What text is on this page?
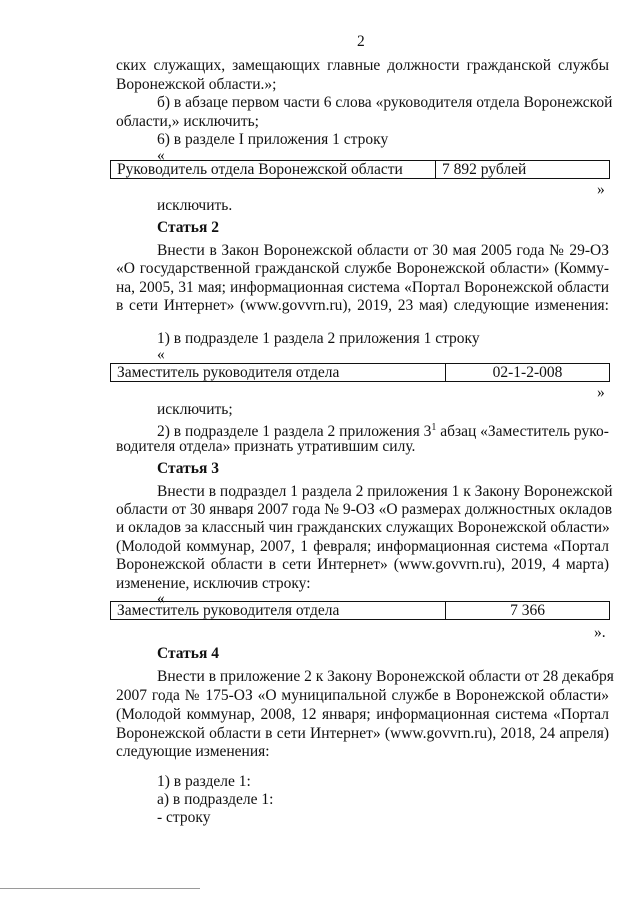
2
ских служащих, замещающих главные должности гражданской службы
Воронежской области.»;
б) в абзаце первом части 6 слова «руководителя отдела Воронежской
области,» исключить;
6) в разделе I приложения 1 строку
«
Руководитель отдела Воронежской области	7 892 рублей
»
исключить.
Статья 2
Внести в Закон Воронежской области от 30 мая 2005 года № 29-ОЗ
«О государственной гражданской службе Воронежской области» (Комму-
на, 2005, 31 мая; информационная система «Портал Воронежской области
в сети Интернет» (www.govvrn.ru), 2019, 23 мая) следующие изменения:
1) в подразделе 1 раздела 2 приложения 1 строку
«
Заместитель руководителя отдела	02-1-2-008
»
исключить;
2) в подразделе 1 раздела 2 приложения $3^1$ абзац «Заместитель руко-
водителя отдела» признать утратившим силу.
Статья 3
Внести в подраздел 1 раздела 2 приложения 1 к Закону Воронежской
области от 30 января 2007 года № 9-ОЗ «О размерах должностных окладов
и окладов за классный чин гражданских служащих Воронежской области»
(Молодой коммунар, 2007, 1 февраля; информационная система «Портал
Воронежской области в сети Интернет» (www.govvrn.ru), 2019, 4 марта)
изменение, исключив строку:
«
Заместитель руководителя отдела	7 366
».
Статья 4
Внести в приложение 2 к Закону Воронежской области от 28 декабря
2007 года № 175-ОЗ «О муниципальной службе в Воронежской области»
(Молодой коммунар, 2008, 12 января; информационная система «Портал
Воронежской области в сети Интернет» (www.govvrn.ru), 2018, 24 апреля)
следующие изменения:
1) в разделе 1:
а) в подразделе 1:
- строку
